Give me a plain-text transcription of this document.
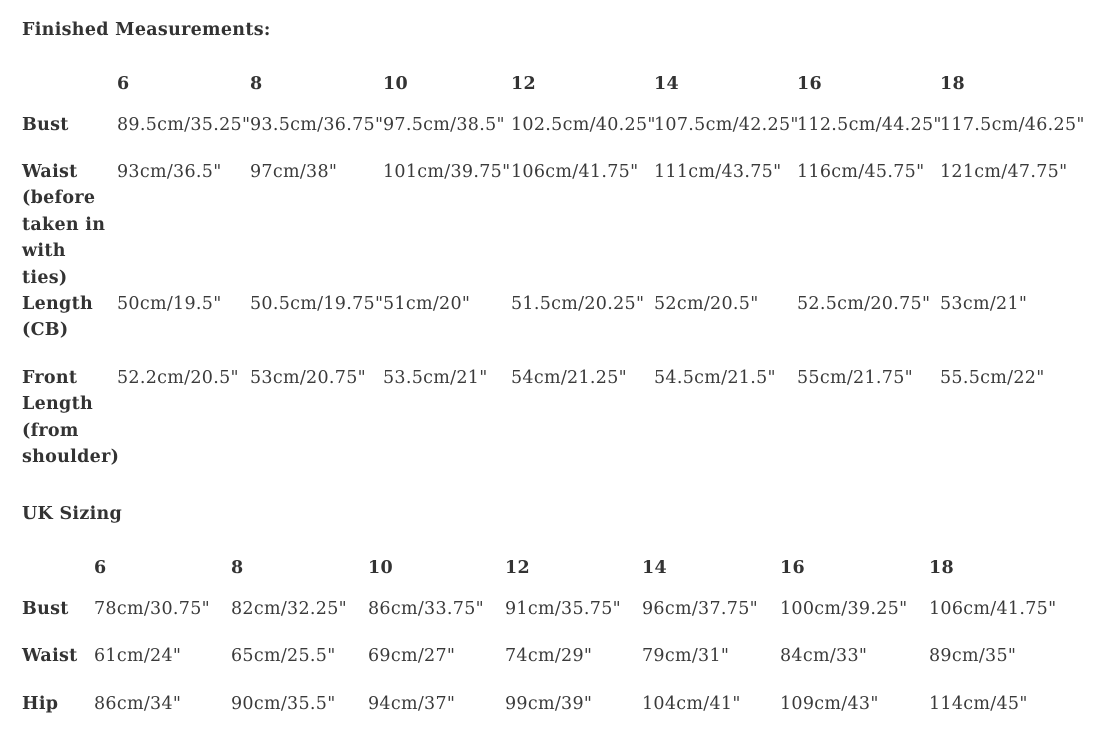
Finished Measurements:
	6	8	10	12	14	16	18
Bust	89.5cm/35.25"	93.5cm/36.75"	97.5cm/38.5"	102.5cm/40.25"	107.5cm/42.25"	112.5cm/44.25"	117.5cm/46.25"
Waist (before taken in with ties)	93cm/36.5"	97cm/38"	101cm/39.75"	106cm/41.75"	111cm/43.75"	116cm/45.75"	121cm/47.75"
Length (CB)	50cm/19.5"	50.5cm/19.75"	51cm/20"	51.5cm/20.25"	52cm/20.5"	52.5cm/20.75"	53cm/21"
Front Length (from shoulder)	52.2cm/20.5"	53cm/20.75"	53.5cm/21"	54cm/21.25"	54.5cm/21.5"	55cm/21.75"	55.5cm/22"
UK Sizing
	6	8	10	12	14	16	18
Bust	78cm/30.75"	82cm/32.25"	86cm/33.75"	91cm/35.75"	96cm/37.75"	100cm/39.25"	106cm/41.75"
Waist	61cm/24"	65cm/25.5"	69cm/27"	74cm/29"	79cm/31"	84cm/33"	89cm/35"
Hip	86cm/34"	90cm/35.5"	94cm/37"	99cm/39"	104cm/41"	109cm/43"	114cm/45"
